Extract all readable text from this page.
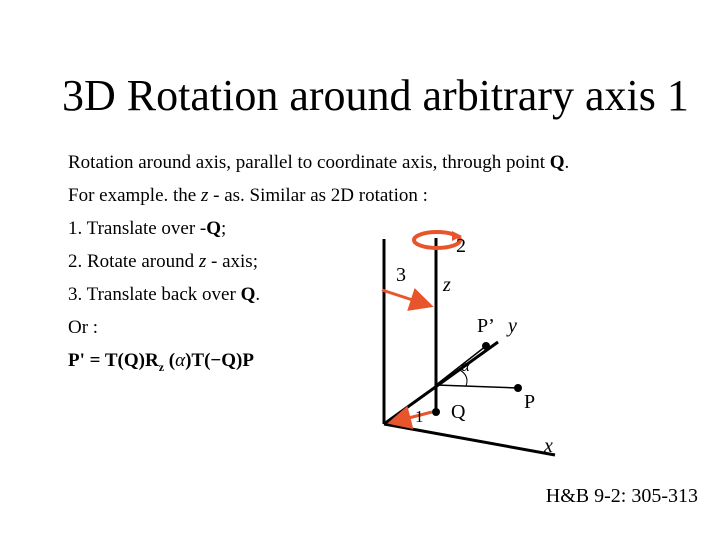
3D Rotation around arbitrary axis 1
Rotation around axis, parallel to coordinate axis, through point Q.
For example. the z - as. Similar as 2D rotation :
1. Translate over -Q;
2. Rotate around z - axis;
3. Translate back over Q.
Or :
$P' = T(Q)R_z$ (α)T(−Q)P
2
3
1
z
y
x
P’
P
Q
α
H&B 9-2: 305-313
